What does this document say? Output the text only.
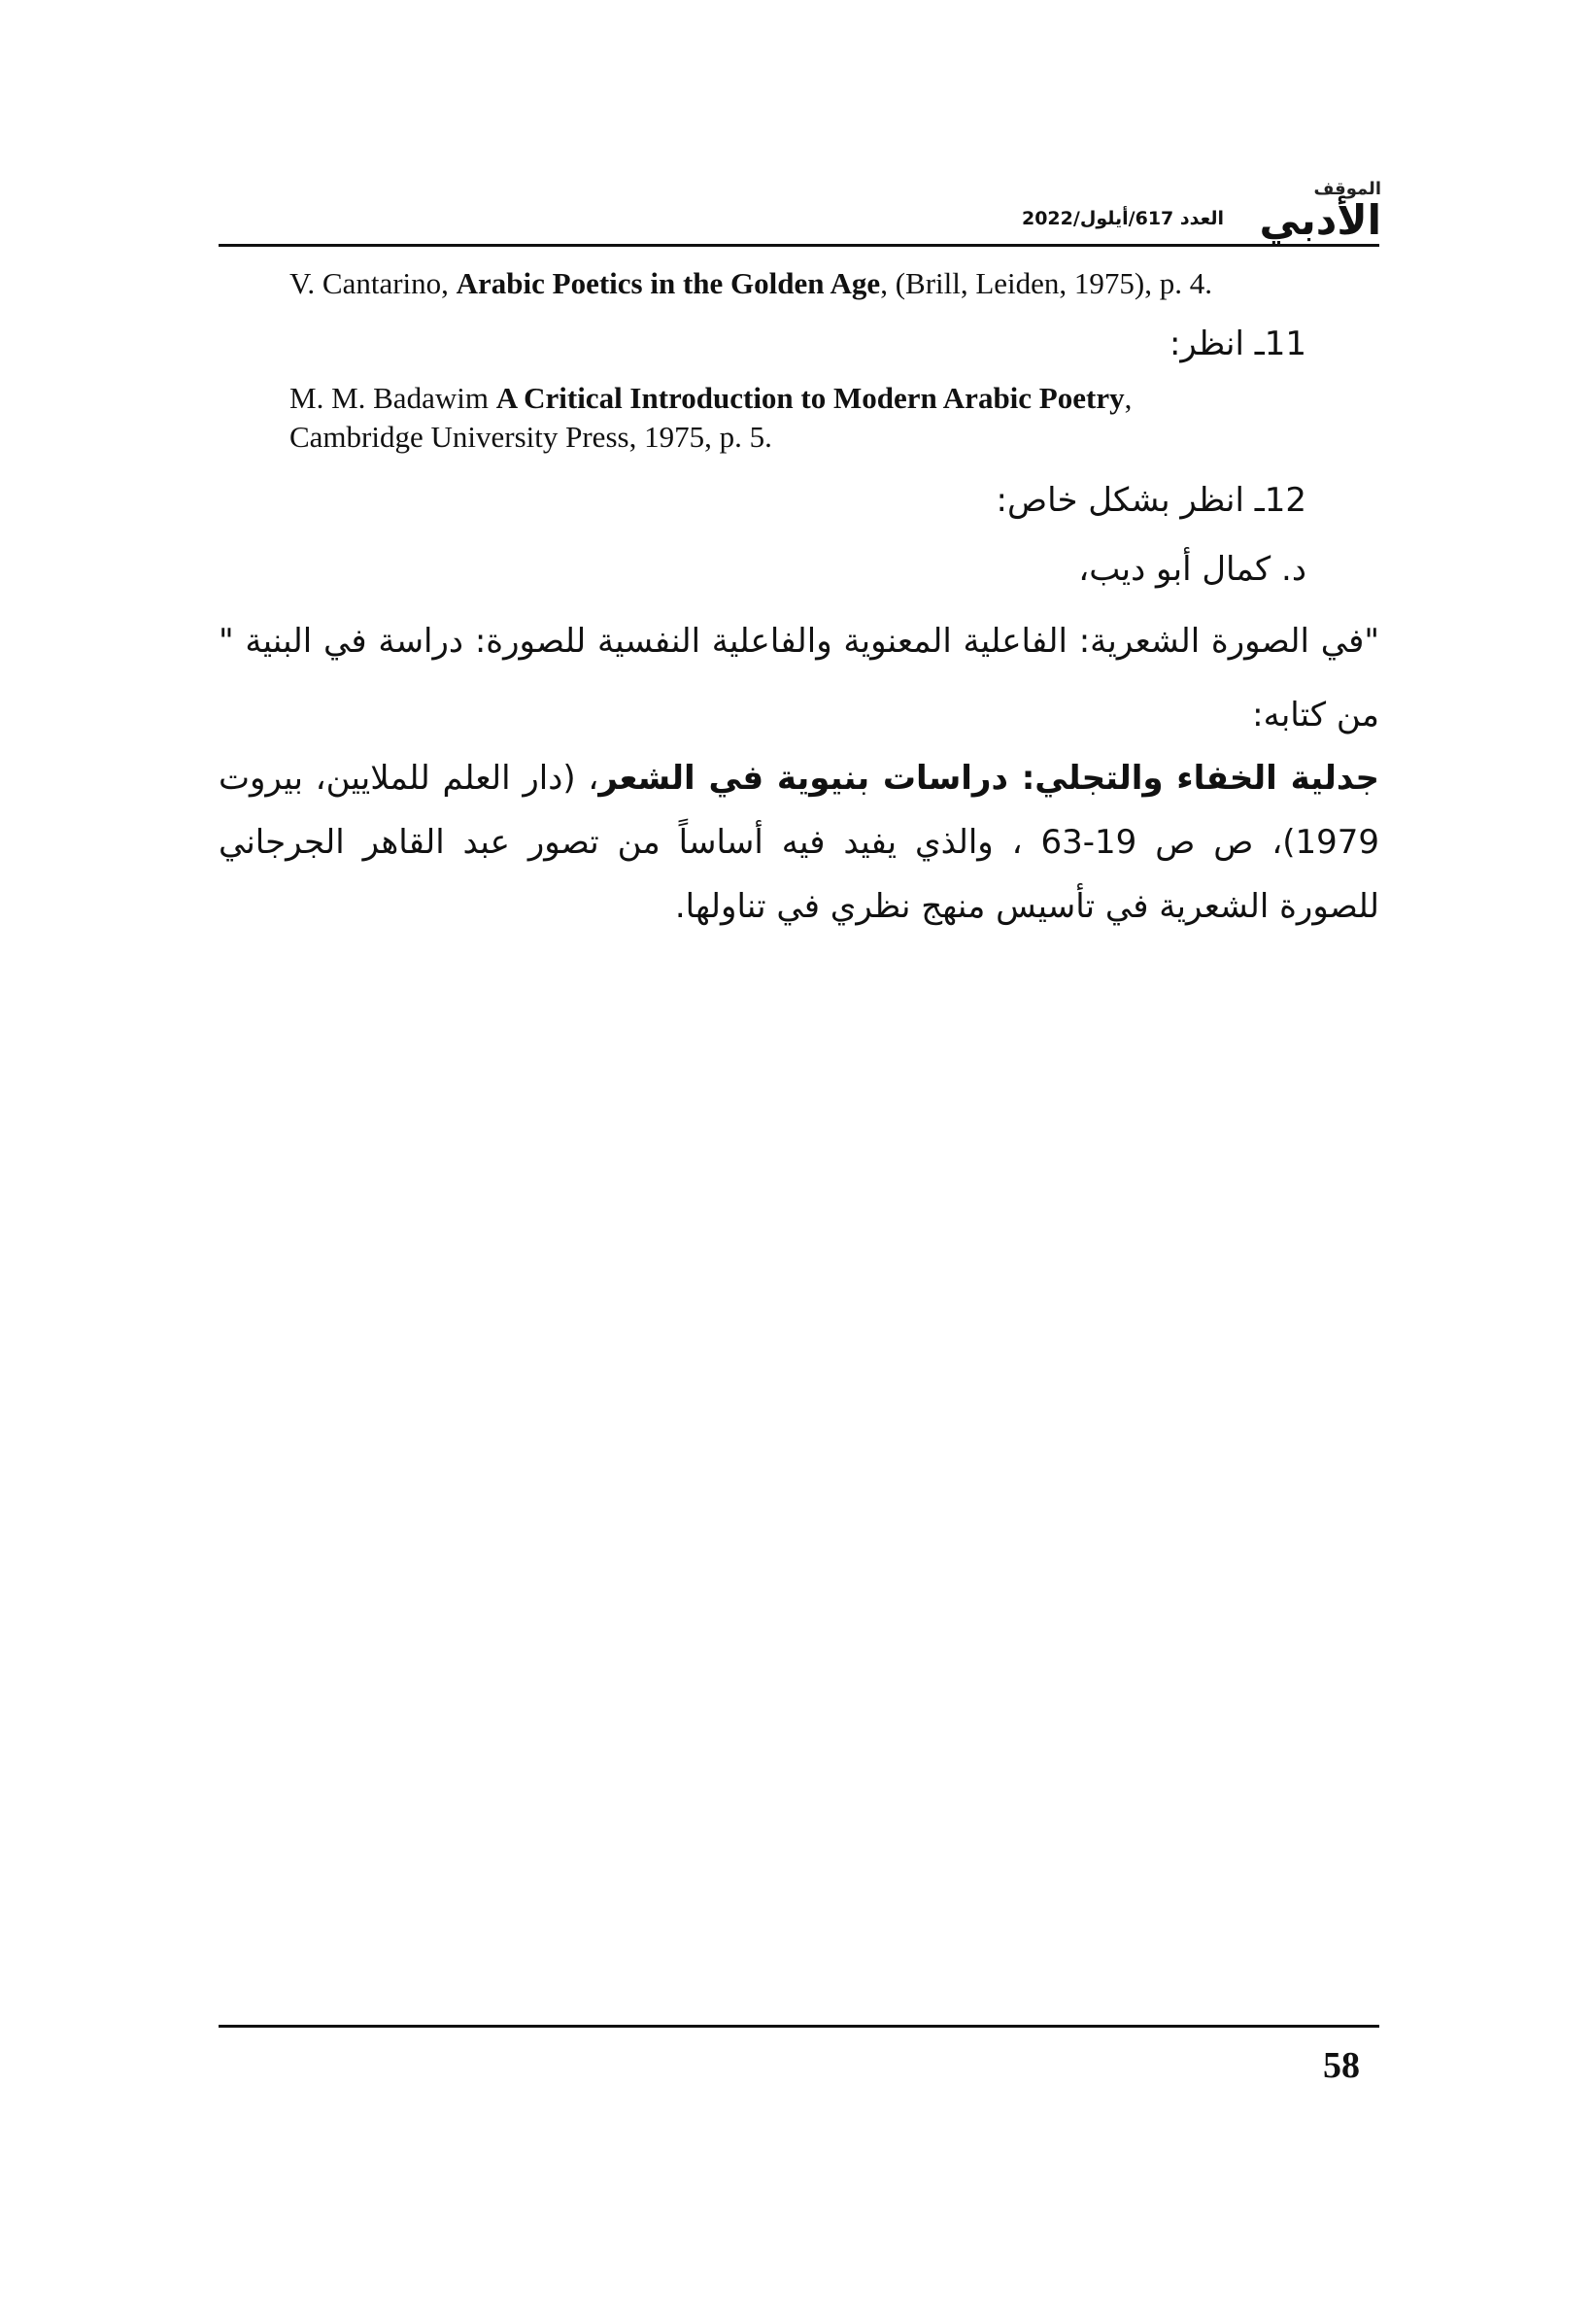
الموقف
الأدبي
العدد 617/أيلول/2022
V. Cantarino, Arabic Poetics in the Golden Age, (Brill, Leiden, 1975), p. 4.
11ـ انظر:
M. M. Badawim A Critical Introduction to Modern Arabic Poetry,
Cambridge University Press, 1975, p. 5.
12ـ انظر بشكل خاص:
د. كمال أبو ديب،
"في الصورة الشعرية: الفاعلية المعنوية والفاعلية النفسية للصورة: دراسة في البنية " من كتابه:
جدلية الخفاء والتجلي: دراسات بنيوية في الشعر، (دار العلم للملايين، بيروت 1979)، ص ص 19-63 ، والذي يفيد فيه أساساً من تصور عبد القاهر الجرجاني للصورة الشعرية في تأسيس منهج نظري في تناولها.
58
